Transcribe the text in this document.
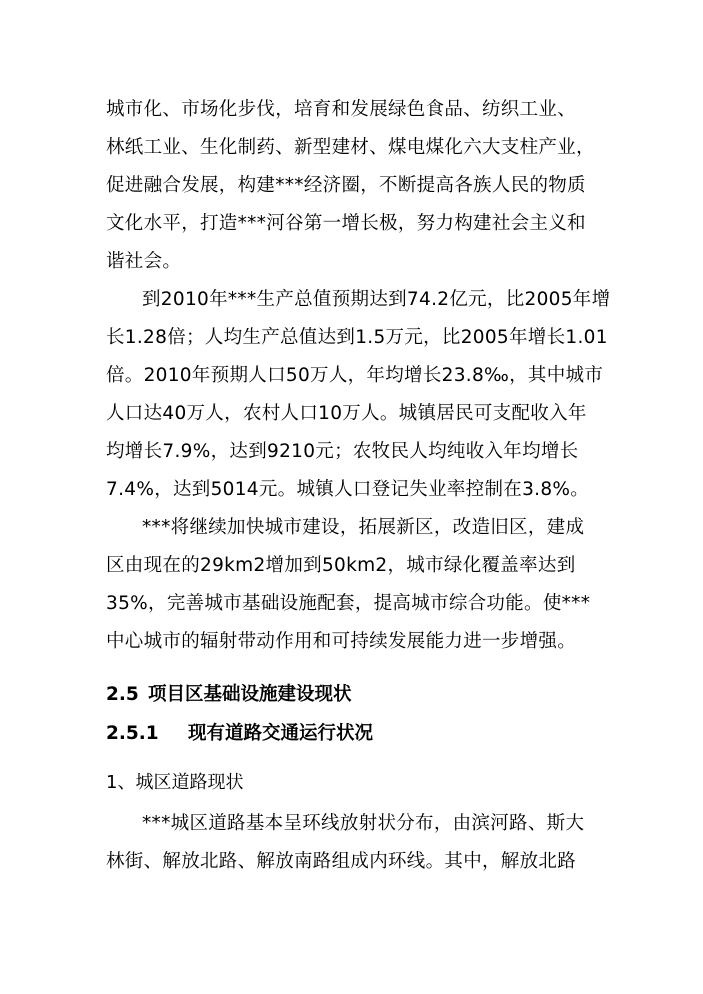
城市化、市场化步伐，培育和发展绿色食品、纺织工业、
林纸工业、生化制药、新型建材、煤电煤化六大支柱产业，
促进融合发展，构建***经济圈，不断提高各族人民的物质
文化水平，打造***河谷第一增长极，努力构建社会主义和
谐社会。
到2010年***生产总值预期达到74.2亿元，比2005年增
长1.28倍；人均生产总值达到1.5万元，比2005年增长1.01
倍。2010年预期人口50万人，年均增长23.8‰，其中城市
人口达40万人，农村人口10万人。城镇居民可支配收入年
均增长7.9%，达到9210元；农牧民人均纯收入年均增长
7.4%，达到5014元。城镇人口登记失业率控制在3.8%。
***将继续加快城市建设，拓展新区，改造旧区，建成
区由现在的29km2增加到50km2，城市绿化覆盖率达到
35%，完善城市基础设施配套，提高城市综合功能。使***
中心城市的辐射带动作用和可持续发展能力进一步增强。
2.5 项目区基础设施建设现状
2.5.1 现有道路交通运行状况
1、城区道路现状
***城区道路基本呈环线放射状分布，由滨河路、斯大
林街、解放北路、解放南路组成内环线。其中，解放北路
